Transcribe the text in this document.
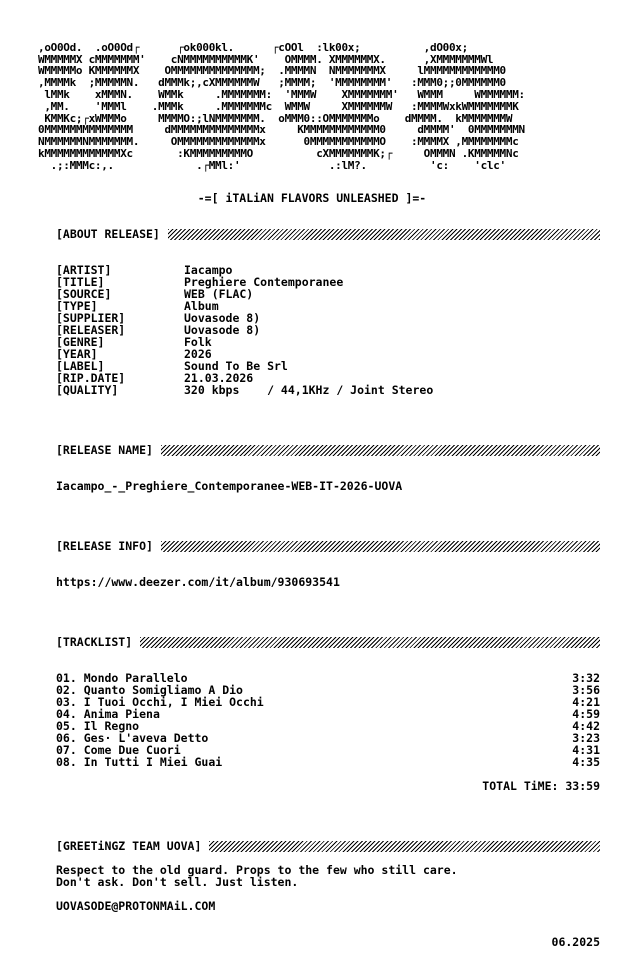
,oO0Od.  .oO0Od┌      ┌ok000kl.      ┌cOOl  :lk00x;          ,dO00x;
WMMMMMX cMMMMMMM'    cNMMMMMMMMMMK'    OMMMM. XMMMMMMX.      ,XMMMMMMMWl
WMMMMMo KMMMMMMX    OMMMMMMMMMMMMMM;  .MMMMN  NMMMMMMMX     lMMMMMMMMMMMM0
,MMMMk  ;MMMMMN.   dMMMk;,cXMMMMMMW   ;MMMM;  'MMMMMMMM'   :MMM0;;0MMMMMM0
lMMk    xMMMN.    WMMk     .MMMMMMM:  'MMMW    XMMMMMMM'   WMMM     WMMMMMM:
,MM.    'MMMl    .MMMk     .MMMMMMMc  WMMW     XMMMMMMW   :MMMMWxkWMMMMMMMK
KMMKc;┌xWMMMo     MMMMO:;lNMMMMMMM.  oMMM0::OMMMMMMMo    dMMMM.  kMMMMMMMW
0MMMMMMMMMMMMMM     dMMMMMMMMMMMMMMx     KMMMMMMMMMMMM0     dMMMM'  0MMMMMMMN
NMMMMMMNMMMMMMM.     OMMMMMMMMMMMMMx      0MMMMMMMMMMMO    :MMMMX ,MMMMMMMMc
kMMMMMMMMMMMMXc       :KMMMMMMMMMO          cXMMMMMMMK;┌     OMMMN .KMMMMMNc
.;:MMMc:,.             .┌MMl:'              .:lM?.          'c:    'clc'

-=[ iTALiAN FLAVORS UNLEASHED ]=-
[ABOUT RELEASE]
[ARTIST]	Iacampo
[TITLE]	Preghiere Contemporanee
[SOURCE]	WEB (FLAC)
[TYPE]	Album
[SUPPLIER]	Uovasode 8)
[RELEASER]	Uovasode 8)
[GENRE]	Folk
[YEAR]	2026
[LABEL]	Sound To Be Srl
[RIP.DATE]	21.03.2026
[QUALITY]	320 kbps    / 44,1KHz / Joint Stereo
[RELEASE NAME]
Iacampo_-_Preghiere_Contemporanee-WEB-IT-2026-UOVA
[RELEASE INFO]
https://www.deezer.com/it/album/930693541
[TRACKLIST]
01. Mondo Parallelo	3:32
02. Quanto Somigliamo A Dio	3:56
03. I Tuoi Occhi, I Miei Occhi	4:21
04. Anima Piena	4:59
05. Il Regno	4:42
06. Ges· L'aveva Detto	3:23
07. Come Due Cuori	4:31
08. In Tutti I Miei Guai	4:35
TOTAL TiME: 33:59
[GREETiNGZ TEAM UOVA]
Respect to the old guard. Props to the few who still care.
Don't ask. Don't sell. Just listen.
UOVASODE@PROTONMAiL.COM
06.2025
